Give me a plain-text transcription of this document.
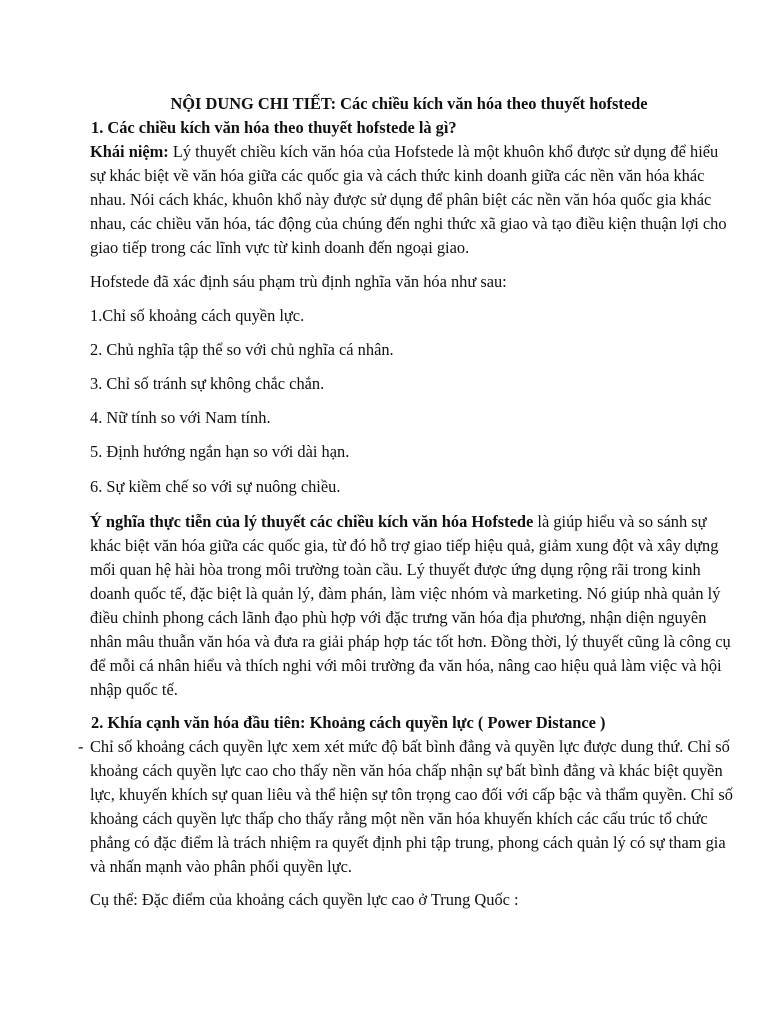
NỘI DUNG CHI TIẾT: Các chiều kích văn hóa theo thuyết hofstede
1. Các chiều kích văn hóa theo thuyết hofstede là gì?
Khái niệm: Lý thuyết chiều kích văn hóa của Hofstede là một khuôn khổ được sử dụng để hiểu sự khác biệt về văn hóa giữa các quốc gia và cách thức kinh doanh giữa các nền văn hóa khác nhau. Nói cách khác, khuôn khổ này được sử dụng để phân biệt các nền văn hóa quốc gia khác nhau, các chiều văn hóa, tác động của chúng đến nghi thức xã giao và tạo điều kiện thuận lợi cho giao tiếp trong các lĩnh vực từ kinh doanh đến ngoại giao.
Hofstede đã xác định sáu phạm trù định nghĩa văn hóa như sau:
1.Chỉ số khoảng cách quyền lực.
2. Chủ nghĩa tập thể so với chủ nghĩa cá nhân.
3. Chỉ số tránh sự không chắc chắn.
4. Nữ tính so với Nam tính.
5. Định hướng ngắn hạn so với dài hạn.
6. Sự kiềm chế so với sự nuông chiều.
Ý nghĩa thực tiễn của lý thuyết các chiều kích văn hóa Hofstede là giúp hiểu và so sánh sự khác biệt văn hóa giữa các quốc gia, từ đó hỗ trợ giao tiếp hiệu quả, giảm xung đột và xây dựng mối quan hệ hài hòa trong môi trường toàn cầu. Lý thuyết được ứng dụng rộng rãi trong kinh doanh quốc tế, đặc biệt là quản lý, đàm phán, làm việc nhóm và marketing. Nó giúp nhà quản lý điều chỉnh phong cách lãnh đạo phù hợp với đặc trưng văn hóa địa phương, nhận diện nguyên nhân mâu thuẫn văn hóa và đưa ra giải pháp hợp tác tốt hơn. Đồng thời, lý thuyết cũng là công cụ để mỗi cá nhân hiểu và thích nghi với môi trường đa văn hóa, nâng cao hiệu quả làm việc và hội nhập quốc tế.
2. Khía cạnh văn hóa đầu tiên: Khoảng cách quyền lực ( Power Distance )
- Chỉ số khoảng cách quyền lực xem xét mức độ bất bình đẳng và quyền lực được dung thứ. Chỉ số khoảng cách quyền lực cao cho thấy nền văn hóa chấp nhận sự bất bình đẳng và khác biệt quyền lực, khuyến khích sự quan liêu và thể hiện sự tôn trọng cao đối với cấp bậc và thẩm quyền. Chỉ số khoảng cách quyền lực thấp cho thấy rằng một nền văn hóa khuyến khích các cấu trúc tổ chức phẳng có đặc điểm là trách nhiệm ra quyết định phi tập trung, phong cách quản lý có sự tham gia và nhấn mạnh vào phân phối quyền lực.
Cụ thể: Đặc điểm của khoảng cách quyền lực cao ở Trung Quốc :
